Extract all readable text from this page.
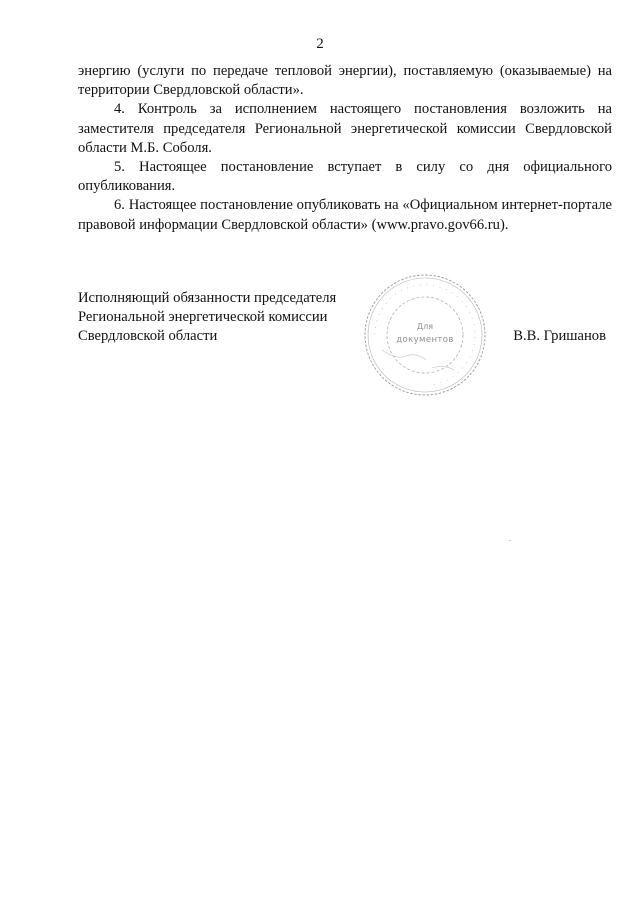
2

энергию (услуги по передаче тепловой энергии), поставляемую (оказываемые) на территории Свердловской области».

4. Контроль за исполнением настоящего постановления возложить на заместителя председателя Региональной энергетической комиссии Свердловской области М.Б. Соболя.

5. Настоящее постановление вступает в силу со дня официального опубликования.

6. Настоящее постановление опубликовать на «Официальном интернет-портале правовой информации Свердловской области» (www.pravo.gov66.ru).

Исполняющий обязанности председателя
Региональной энергетической комиссии
Свердловской области	· · · · · · · · · · · · · · · · · · · · · · · · · · · · · · · · · · ·
Для
документов	В.В. Гришанов
